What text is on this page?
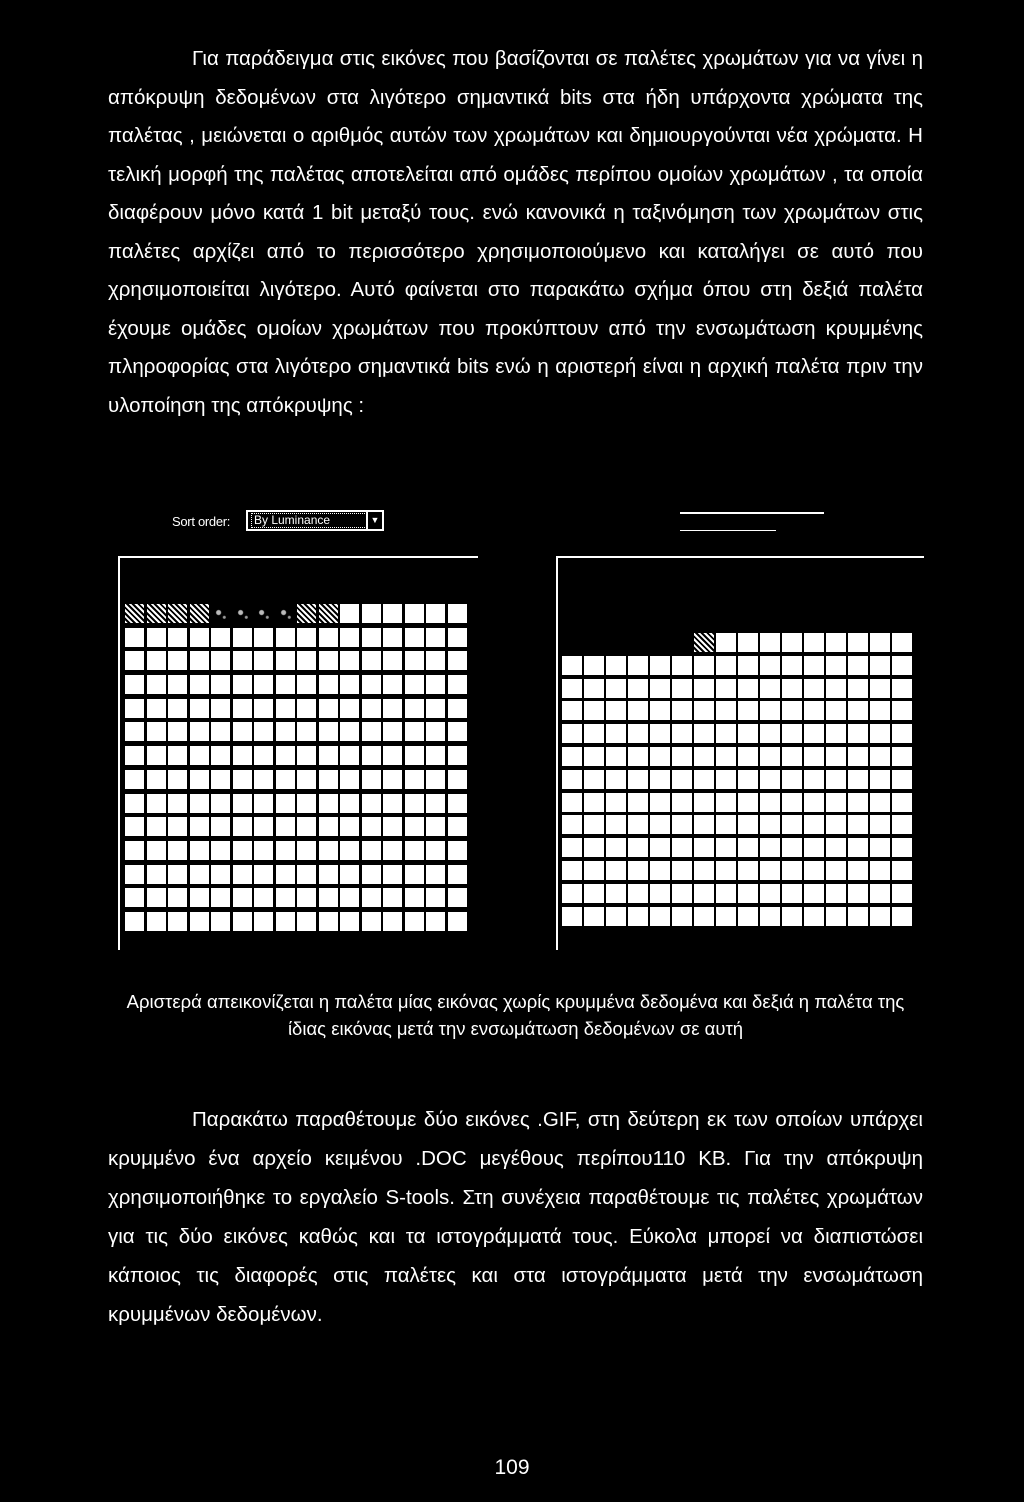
Για παράδειγμα στις εικόνες που βασίζονται σε παλέτες χρωμάτων για να γίνει η απόκρυψη δεδομένων στα λιγότερο σημαντικά bits στα ήδη υπάρχοντα χρώματα της παλέτας , μειώνεται ο αριθμός αυτών των χρωμάτων και δημιουργούνται νέα χρώματα. Η τελική μορφή της παλέτας αποτελείται από ομάδες περίπου ομοίων χρωμάτων , τα οποία διαφέρουν μόνο κατά 1 bit μεταξύ τους. ενώ κανονικά η ταξινόμηση των χρωμάτων στις παλέτες αρχίζει από το περισσότερο χρησιμοποιούμενο και καταλήγει σε αυτό που χρησιμοποιείται λιγότερο. Αυτό φαίνεται στο παρακάτω σχήμα όπου στη δεξιά παλέτα έχουμε ομάδες ομοίων χρωμάτων που προκύπτουν από την ενσωμάτωση κρυμμένης πληροφορίας στα λιγότερο σημαντικά bits ενώ η αριστερή είναι η αρχική παλέτα πριν την υλοποίηση της απόκρυψης :

Sort order: By Luminance	▼

Αριστερά απεικονίζεται η παλέτα μίας εικόνας χωρίς κρυμμένα δεδομένα και δεξιά η παλέτα της ίδιας εικόνας μετά την ενσωμάτωση δεδομένων σε αυτή

Παρακάτω παραθέτουμε δύο εικόνες .GIF, στη δεύτερη εκ των οποίων υπάρχει κρυμμένο ένα αρχείο κειμένου .DOC μεγέθους περίπου110 KB. Για την απόκρυψη χρησιμοποιήθηκε το εργαλείο S-tools. Στη συνέχεια παραθέτουμε τις παλέτες χρωμάτων για τις δύο εικόνες καθώς και τα ιστογράμματά τους. Εύκολα μπορεί να διαπιστώσει κάποιος τις διαφορές στις παλέτες και στα ιστογράμματα μετά την ενσωμάτωση κρυμμένων δεδομένων.

109
